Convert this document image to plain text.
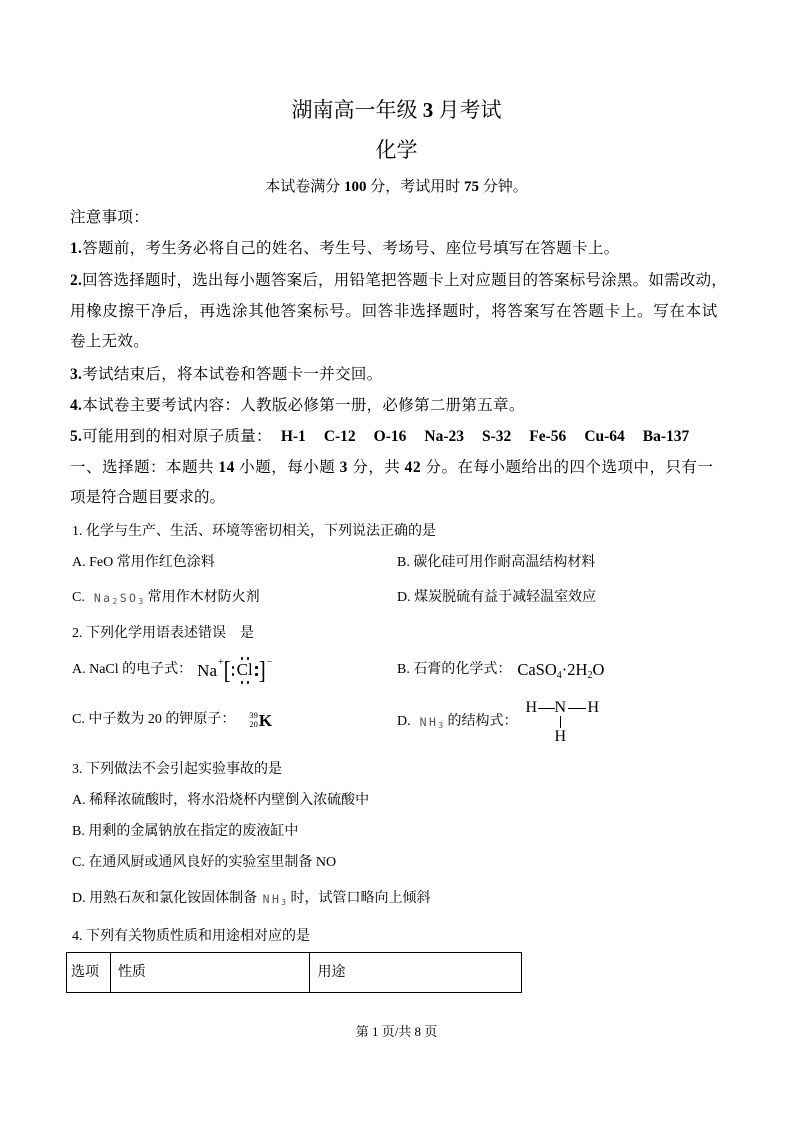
湖南高一年级 3 月考试
化学
本试卷满分 100 分，考试用时 75 分钟。
注意事项：
1.答题前，考生务必将自己的姓名、考生号、考场号、座位号填写在答题卡上。
2.回答选择题时，选出每小题答案后，用铅笔把答题卡上对应题目的答案标号涂黑。如需改动，
用橡皮擦干净后，再选涂其他答案标号。回答非选择题时，将答案写在答题卡上。写在本试
卷上无效。
3.考试结束后，将本试卷和答题卡一并交回。
4.本试卷主要考试内容：人教版必修第一册，必修第二册第五章。
5.可能用到的相对原子质量： H-1 C-12 O-16 Na-23 S-32 Fe-56 Cu-64 Ba-137
一、选择题：本题共 14 小题，每小题 3 分，共 42 分。在每小题给出的四个选项中，只有一
项是符合题目要求的。
1. 化学与生产、生活、环境等密切相关，下列说法正确的是
A. FeO 常用作红色涂料	B. 碳化硅可用作耐高温结构材料
C. $Na_2SO_3$ 常用作木材防火剂	D. 煤炭脱硫有益于减轻温室效应
2. 下列化学用语表述错误　是
A. NaCl 的电子式： Na + [ Cl ] −	B. 石膏的化学式： $CaSO_4\cdot 2H_2O$
C. 中子数为 20 的钾原子： 39
20 K	D. $NH_3$ 的结构式：
H N H
H
3. 下列做法不会引起实验事故的是
A. 稀释浓硫酸时，将水沿烧杯内壁倒入浓硫酸中
B. 用剩的金属钠放在指定的废液缸中
C. 在通风厨或通风良好的实验室里制备 NO
D. 用熟石灰和氯化铵固体制备 $NH_3$ 时，试管口略向上倾斜
4. 下列有关物质性质和用途相对应的是
选项	性质	用途
第 1 页/共 8 页
